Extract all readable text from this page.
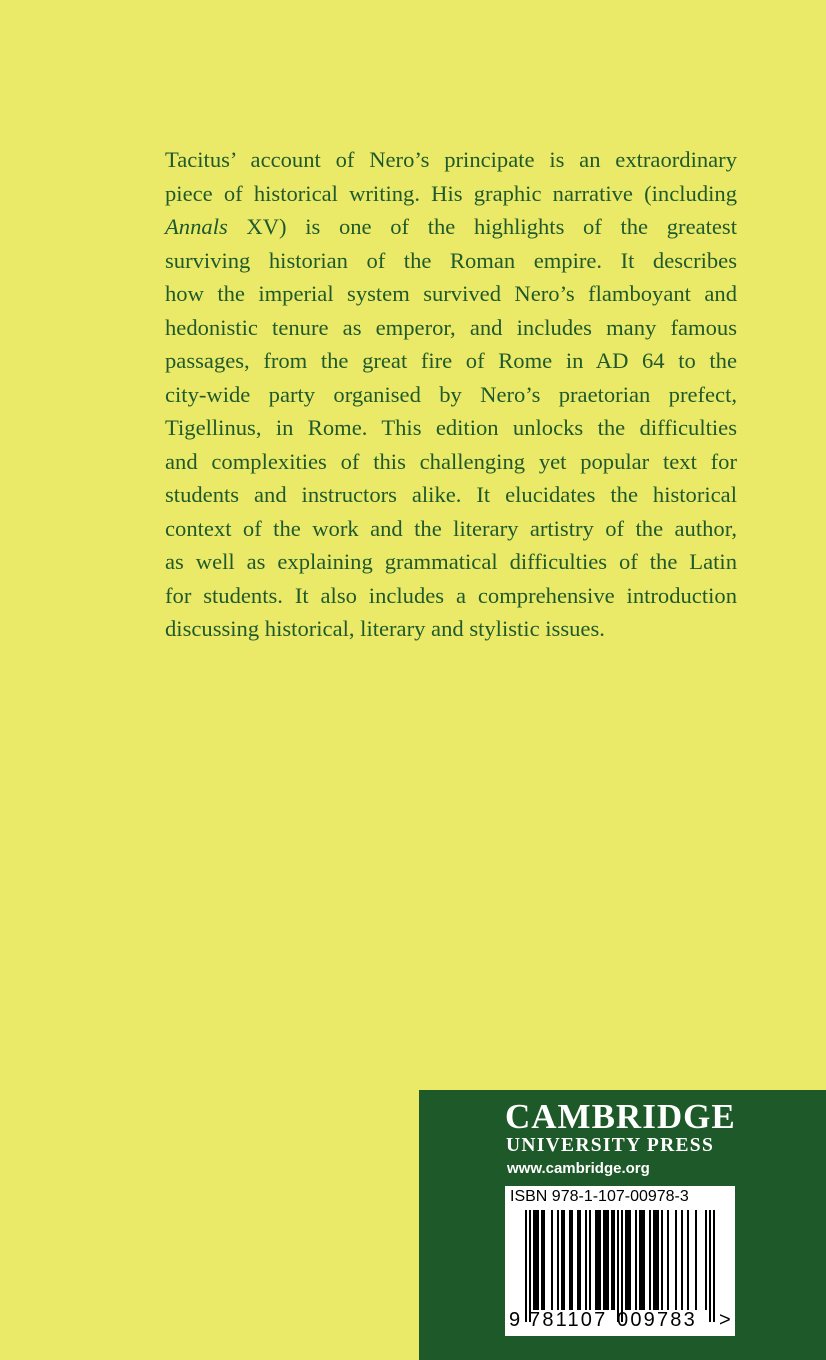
Tacitus’ account of Nero’s principate is an extraordinary
piece of historical writing. His graphic narrative (including
Annals XV) is one of the highlights of the greatest
surviving historian of the Roman empire. It describes
how the imperial system survived Nero’s flamboyant and
hedonistic tenure as emperor, and includes many famous
passages, from the great fire of Rome in AD 64 to the
city-wide party organised by Nero’s praetorian prefect,
Tigellinus, in Rome. This edition unlocks the difficulties
and complexities of this challenging yet popular text for
students and instructors alike. It elucidates the historical
context of the work and the literary artistry of the author,
as well as explaining grammatical difficulties of the Latin
for students. It also includes a comprehensive introduction
discussing historical, literary and stylistic issues.
CAMBRIDGE
UNIVERSITY PRESS
www.cambridge.org
ISBN 978-1-107-00978-3
9 781107 009783 >
